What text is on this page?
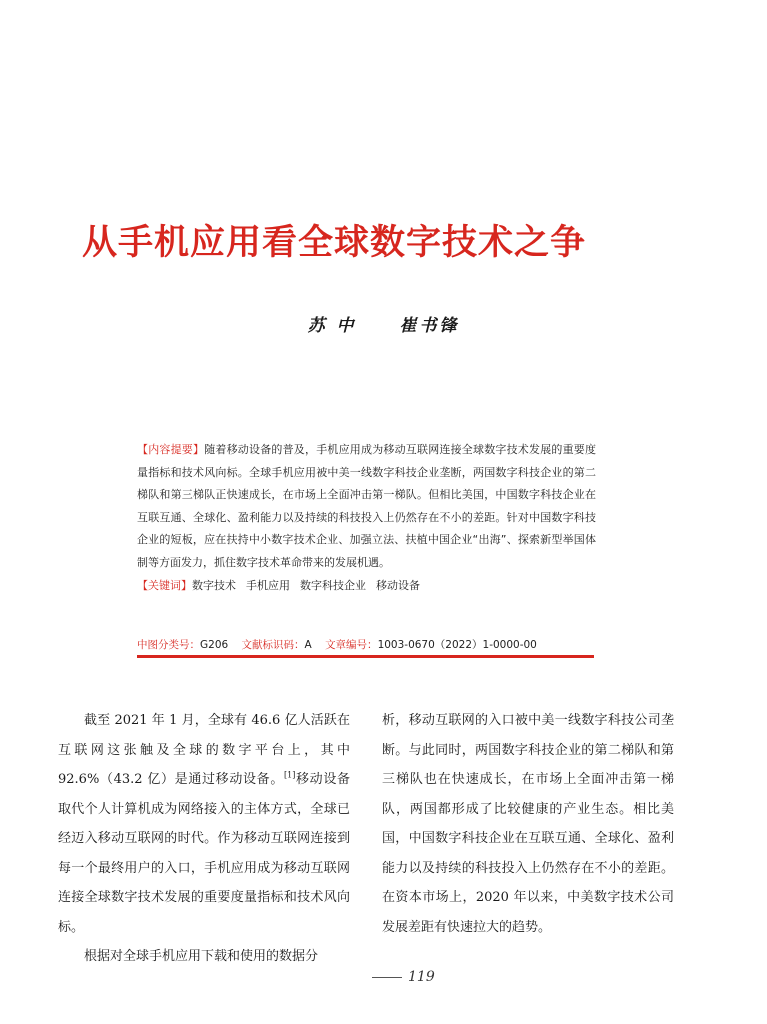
从手机应用看全球数字技术之争
苏 中	崔书锋

【内容提要】随着移动设备的普及，手机应用成为移动互联网连接全球数字技术发展的重要度量指标和技术风向标。全球手机应用被中美一线数字科技企业垄断，两国数字科技企业的第二梯队和第三梯队正快速成长，在市场上全面冲击第一梯队。但相比美国，中国数字科技企业在互联互通、全球化、盈利能力以及持续的科技投入上仍然存在不小的差距。针对中国数字科技企业的短板，应在扶持中小数字技术企业、加强立法、扶植中国企业“出海”、探索新型举国体制等方面发力，抓住数字技术革命带来的发展机遇。

【关键词】数字技术 手机应用 数字科技企业 移动设备

中图分类号：G206 文献标识码：A 文章编号：1003-0670（2022）1-0000-00

截至 2021 年 1 月，全球有 46.6 亿人活跃在互联网这张触及全球的数字平台上，其中 92.6%（43.2 亿）是通过移动设备。[1]移动设备取代个人计算机成为网络接入的主体方式，全球已经迈入移动互联网的时代。作为移动互联网连接到每一个最终用户的入口，手机应用成为移动互联网连接全球数字技术发展的重要度量指标和技术风向标。

根据对全球手机应用下载和使用的数据分

析，移动互联网的入口被中美一线数字科技公司垄断。与此同时，两国数字科技企业的第二梯队和第三梯队也在快速成长，在市场上全面冲击第一梯队，两国都形成了比较健康的产业生态。相比美国，中国数字科技企业在互联互通、全球化、盈利能力以及持续的科技投入上仍然存在不小的差距。在资本市场上，2020 年以来，中美数字技术公司发展差距有快速拉大的趋势。

119
